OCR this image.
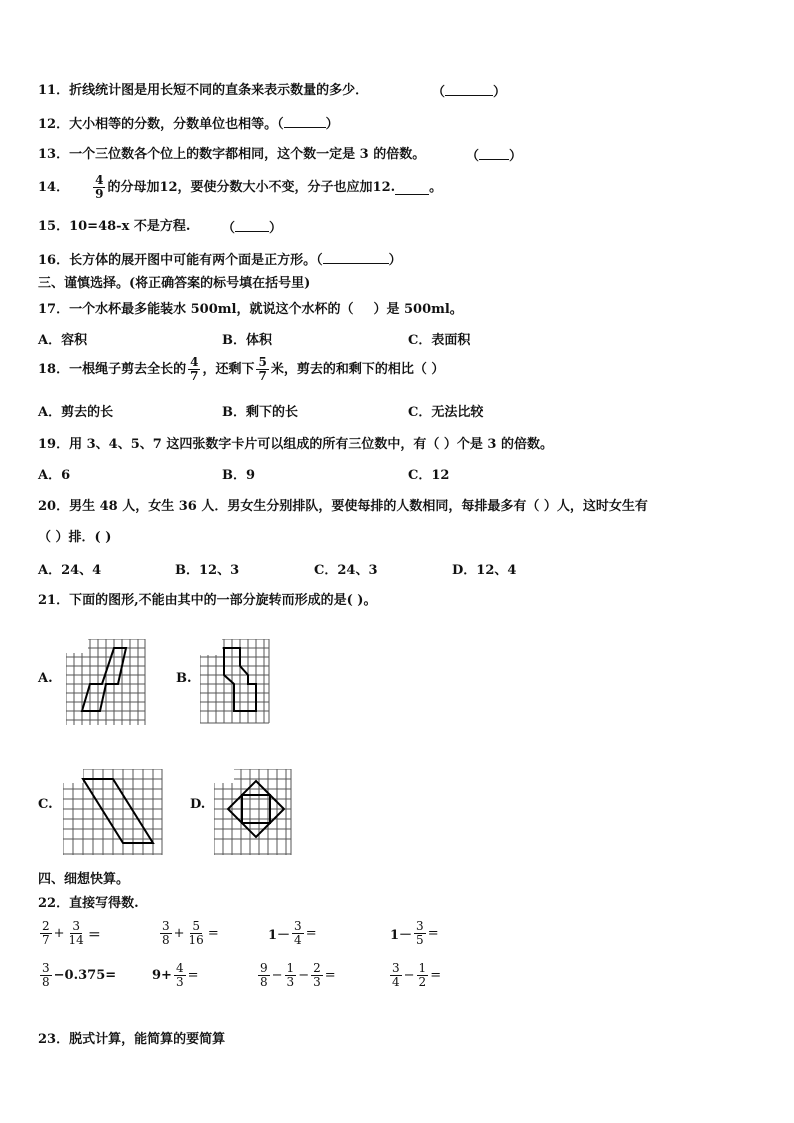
11．折线统计图是用长短不同的直条来表示数量的多少．	（	）
12．大小相等的分数，分数单位也相等。（	）
13．一个三位数各个位上的数字都相同，这个数一定是 3 的倍数。	（ ）
14． $\frac{4}{9}$ 的分母加12，要使分数大小不变，分子也应加12.	。
15．10=48-x 不是方程. （	）
16．长方体的展开图中可能有两个面是正方形。（	）
三、谨慎选择。(将正确答案的标号填在括号里)
17．一个水杯最多能装水 500ml，就说这个水杯的（ ）是 500ml。
A．容积	B．体积	C．表面积
18． 一根绳子剪去全长的 $\frac{4}{7}$ ，还剩下 $\frac{5}{7}$ 米，剪去的和剩下的相比（ ）
A．剪去的长	B．剩下的长	C．无法比较
19．用 3、4、5、7 这四张数字卡片可以组成的所有三位数中，有（ ）个是 3 的倍数。
A．6	B．9	C．12
20．男生 48 人，女生 36 人．男女生分别排队，要使每排的人数相同，每排最多有（ ）人，这时女生有
（ ）排．( )
A．24、4	B．12、3	C．24、3	D．12、4
21．下面的图形,不能由其中的一部分旋转而形成的是( )。
A.	B.
C.	D.
四、细想快算。
22．直接写得数.
$\frac{2}{7} + \frac{3}{14}$ ＝	$\frac{3}{8} + \frac{5}{16}$ =	$1- \frac{3}{4}$ =	$1- \frac{3}{5}$ =
$\frac{3}{8} -0.375=$	$9+ \frac{4}{3}$ =	$\frac{9}{8} - \frac{1}{3} - \frac{2}{3}$ =	$\frac{3}{4} - \frac{1}{2}$ =
23．脱式计算，能简算的要简算
